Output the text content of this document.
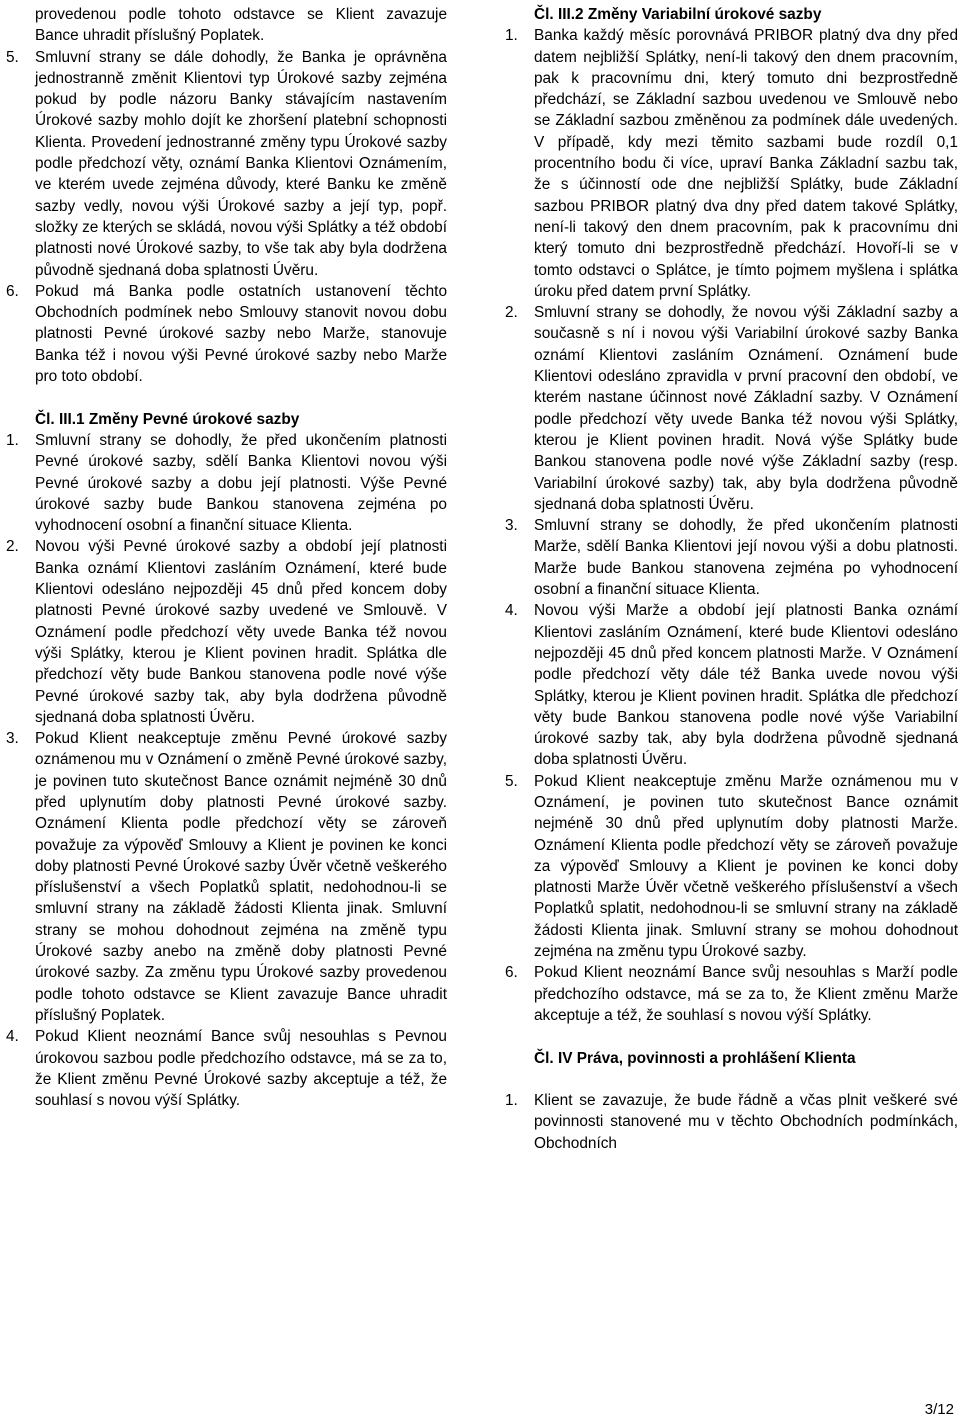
provedenou podle tohoto odstavce se Klient zavazuje Bance uhradit příslušný Poplatek.

5. Smluvní strany se dále dohodly, že Banka je oprávněna jednostranně změnit Klientovi typ Úrokové sazby zejména pokud by podle názoru Banky stávajícím nastavením Úrokové sazby mohlo dojít ke zhoršení platební schopnosti Klienta. Provedení jednostranné změny typu Úrokové sazby podle předchozí věty, oznámí Banka Klientovi Oznámením, ve kterém uvede zejména důvody, které Banku ke změně sazby vedly, novou výši Úrokové sazby a její typ, popř. složky ze kterých se skládá, novou výši Splátky a též období platnosti nové Úrokové sazby, to vše tak aby byla dodržena původně sjednaná doba splatnosti Úvěru.

6. Pokud má Banka podle ostatních ustanovení těchto Obchodních podmínek nebo Smlouvy stanovit novou dobu platnosti Pevné úrokové sazby nebo Marže, stanovuje Banka též i novou výši Pevné úrokové sazby nebo Marže pro toto období.

Čl. III.1 Změny Pevné úrokové sazby

1. Smluvní strany se dohodly, že před ukončením platnosti Pevné úrokové sazby, sdělí Banka Klientovi novou výši Pevné úrokové sazby a dobu její platnosti. Výše Pevné úrokové sazby bude Bankou stanovena zejména po vyhodnocení osobní a finanční situace Klienta.

2. Novou výši Pevné úrokové sazby a období její platnosti Banka oznámí Klientovi zasláním Oznámení, které bude Klientovi odesláno nejpozději 45 dnů před koncem doby platnosti Pevné úrokové sazby uvedené ve Smlouvě. V Oznámení podle předchozí věty uvede Banka též novou výši Splátky, kterou je Klient povinen hradit. Splátka dle předchozí věty bude Bankou stanovena podle nové výše Pevné úrokové sazby tak, aby byla dodržena původně sjednaná doba splatnosti Úvěru.

3. Pokud Klient neakceptuje změnu Pevné úrokové sazby oznámenou mu v Oznámení o změně Pevné úrokové sazby, je povinen tuto skutečnost Bance oznámit nejméně 30 dnů před uplynutím doby platnosti Pevné úrokové sazby. Oznámení Klienta podle předchozí věty se zároveň považuje za výpověď Smlouvy a Klient je povinen ke konci doby platnosti Pevné Úrokové sazby Úvěr včetně veškerého příslušenství a všech Poplatků splatit, nedohodnou-li se smluvní strany na základě žádosti Klienta jinak. Smluvní strany se mohou dohodnout zejména na změně typu Úrokové sazby anebo na změně doby platnosti Pevné úrokové sazby. Za změnu typu Úrokové sazby provedenou podle tohoto odstavce se Klient zavazuje Bance uhradit příslušný Poplatek.

4. Pokud Klient neoznámí Bance svůj nesouhlas s Pevnou úrokovou sazbou podle předchozího odstavce, má se za to, že Klient změnu Pevné Úrokové sazby akceptuje a též, že souhlasí s novou výší Splátky.

Čl. III.2 Změny Variabilní úrokové sazby

1. Banka každý měsíc porovnává PRIBOR platný dva dny před datem nejbližší Splátky, není-li takový den dnem pracovním, pak k pracovnímu dni, který tomuto dni bezprostředně předchází, se Základní sazbou uvedenou ve Smlouvě nebo se Základní sazbou změněnou za podmínek dále uvedených. V případě, kdy mezi těmito sazbami bude rozdíl 0,1 procentního bodu či více, upraví Banka Základní sazbu tak, že s účinností ode dne nejbližší Splátky, bude Základní sazbou PRIBOR platný dva dny před datem takové Splátky, není-li takový den dnem pracovním, pak k pracovnímu dni který tomuto dni bezprostředně předchází. Hovoří-li se v tomto odstavci o Splátce, je tímto pojmem myšlena i splátka úroku před datem první Splátky.

2. Smluvní strany se dohodly, že novou výši Základní sazby a současně s ní i novou výši Variabilní úrokové sazby Banka oznámí Klientovi zasláním Oznámení. Oznámení bude Klientovi odesláno zpravidla v první pracovní den období, ve kterém nastane účinnost nové Základní sazby. V Oznámení podle předchozí věty uvede Banka též novou výši Splátky, kterou je Klient povinen hradit. Nová výše Splátky bude Bankou stanovena podle nové výše Základní sazby (resp. Variabilní úrokové sazby) tak, aby byla dodržena původně sjednaná doba splatnosti Úvěru.

3. Smluvní strany se dohodly, že před ukončením platnosti Marže, sdělí Banka Klientovi její novou výši a dobu platnosti. Marže bude Bankou stanovena zejména po vyhodnocení osobní a finanční situace Klienta.

4. Novou výši Marže a období její platnosti Banka oznámí Klientovi zasláním Oznámení, které bude Klientovi odesláno nejpozději 45 dnů před koncem platnosti Marže. V Oznámení podle předchozí věty dále též Banka uvede novou výši Splátky, kterou je Klient povinen hradit. Splátka dle předchozí věty bude Bankou stanovena podle nové výše Variabilní úrokové sazby tak, aby byla dodržena původně sjednaná doba splatnosti Úvěru.

5. Pokud Klient neakceptuje změnu Marže oznámenou mu v Oznámení, je povinen tuto skutečnost Bance oznámit nejméně 30 dnů před uplynutím doby platnosti Marže. Oznámení Klienta podle předchozí věty se zároveň považuje za výpověď Smlouvy a Klient je povinen ke konci doby platnosti Marže Úvěr včetně veškerého příslušenství a všech Poplatků splatit, nedohodnou-li se smluvní strany na základě žádosti Klienta jinak. Smluvní strany se mohou dohodnout zejména na změnu typu Úrokové sazby.

6. Pokud Klient neoznámí Bance svůj nesouhlas s Marží podle předchozího odstavce, má se za to, že Klient změnu Marže akceptuje a též, že souhlasí s novou výší Splátky.

Čl. IV Práva, povinnosti a prohlášení Klienta

1. Klient se zavazuje, že bude řádně a včas plnit veškeré své povinnosti stanovené mu v těchto Obchodních podmínkách, Obchodních

3/12
